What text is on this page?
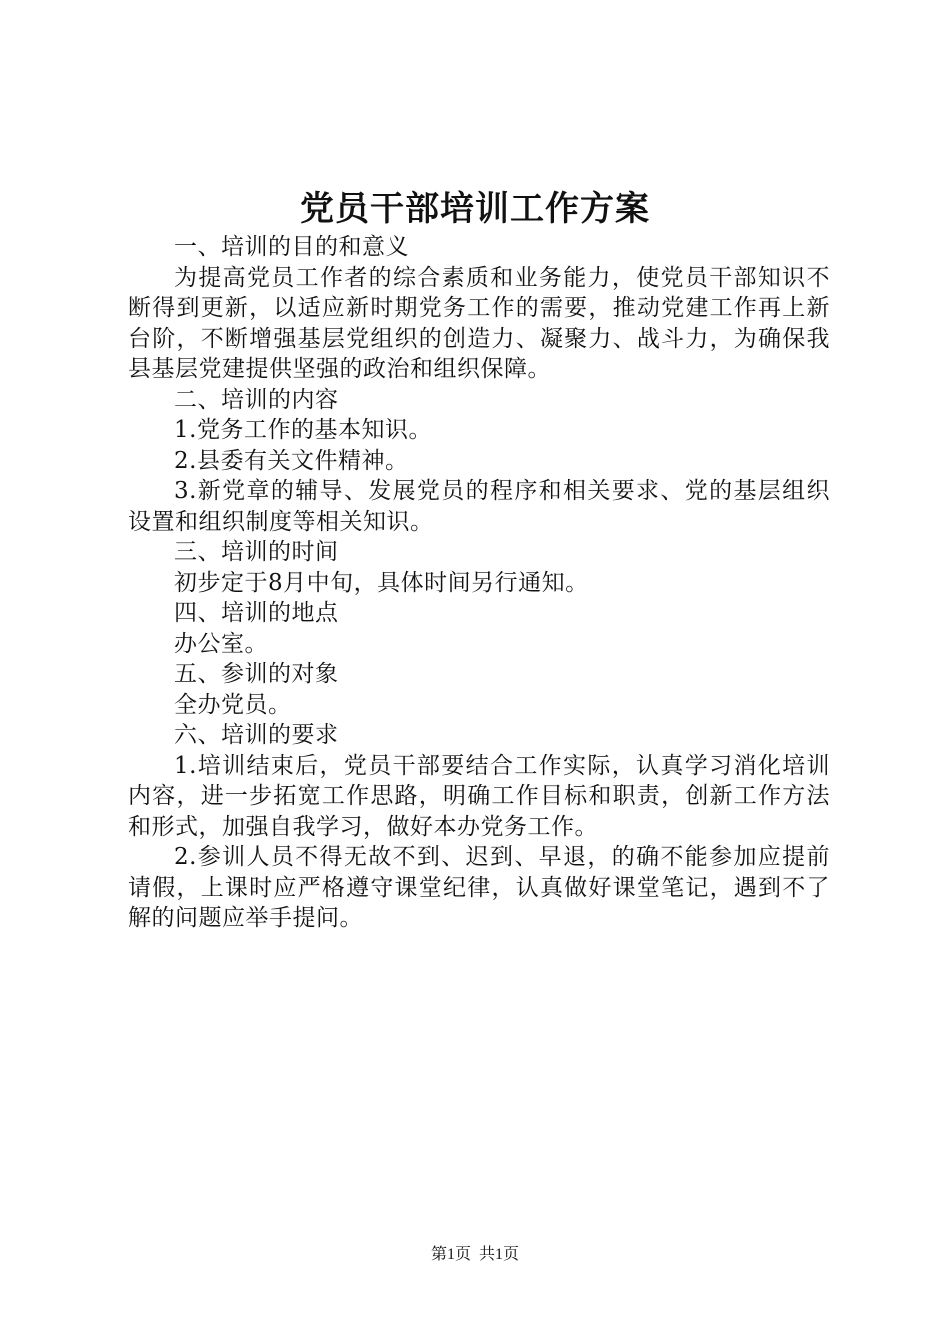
党员干部培训工作方案

一、培训的目的和意义

为提高党员工作者的综合素质和业务能力，使党员干部知识不断得到更新，以适应新时期党务工作的需要，推动党建工作再上新台阶，不断增强基层党组织的创造力、凝聚力、战斗力，为确保我县基层党建提供坚强的政治和组织保障。

二、培训的内容

1.党务工作的基本知识。

2.县委有关文件精神。

3.新党章的辅导、发展党员的程序和相关要求、党的基层组织设置和组织制度等相关知识。

三、培训的时间

初步定于8月中旬，具体时间另行通知。

四、培训的地点

办公室。

五、参训的对象

全办党员。

六、培训的要求

1.培训结束后，党员干部要结合工作实际，认真学习消化培训内容，进一步拓宽工作思路，明确工作目标和职责，创新工作方法和形式，加强自我学习，做好本办党务工作。

2.参训人员不得无故不到、迟到、早退，的确不能参加应提前请假，上课时应严格遵守课堂纪律，认真做好课堂笔记，遇到不了解的问题应举手提问。

第1页 共1页
